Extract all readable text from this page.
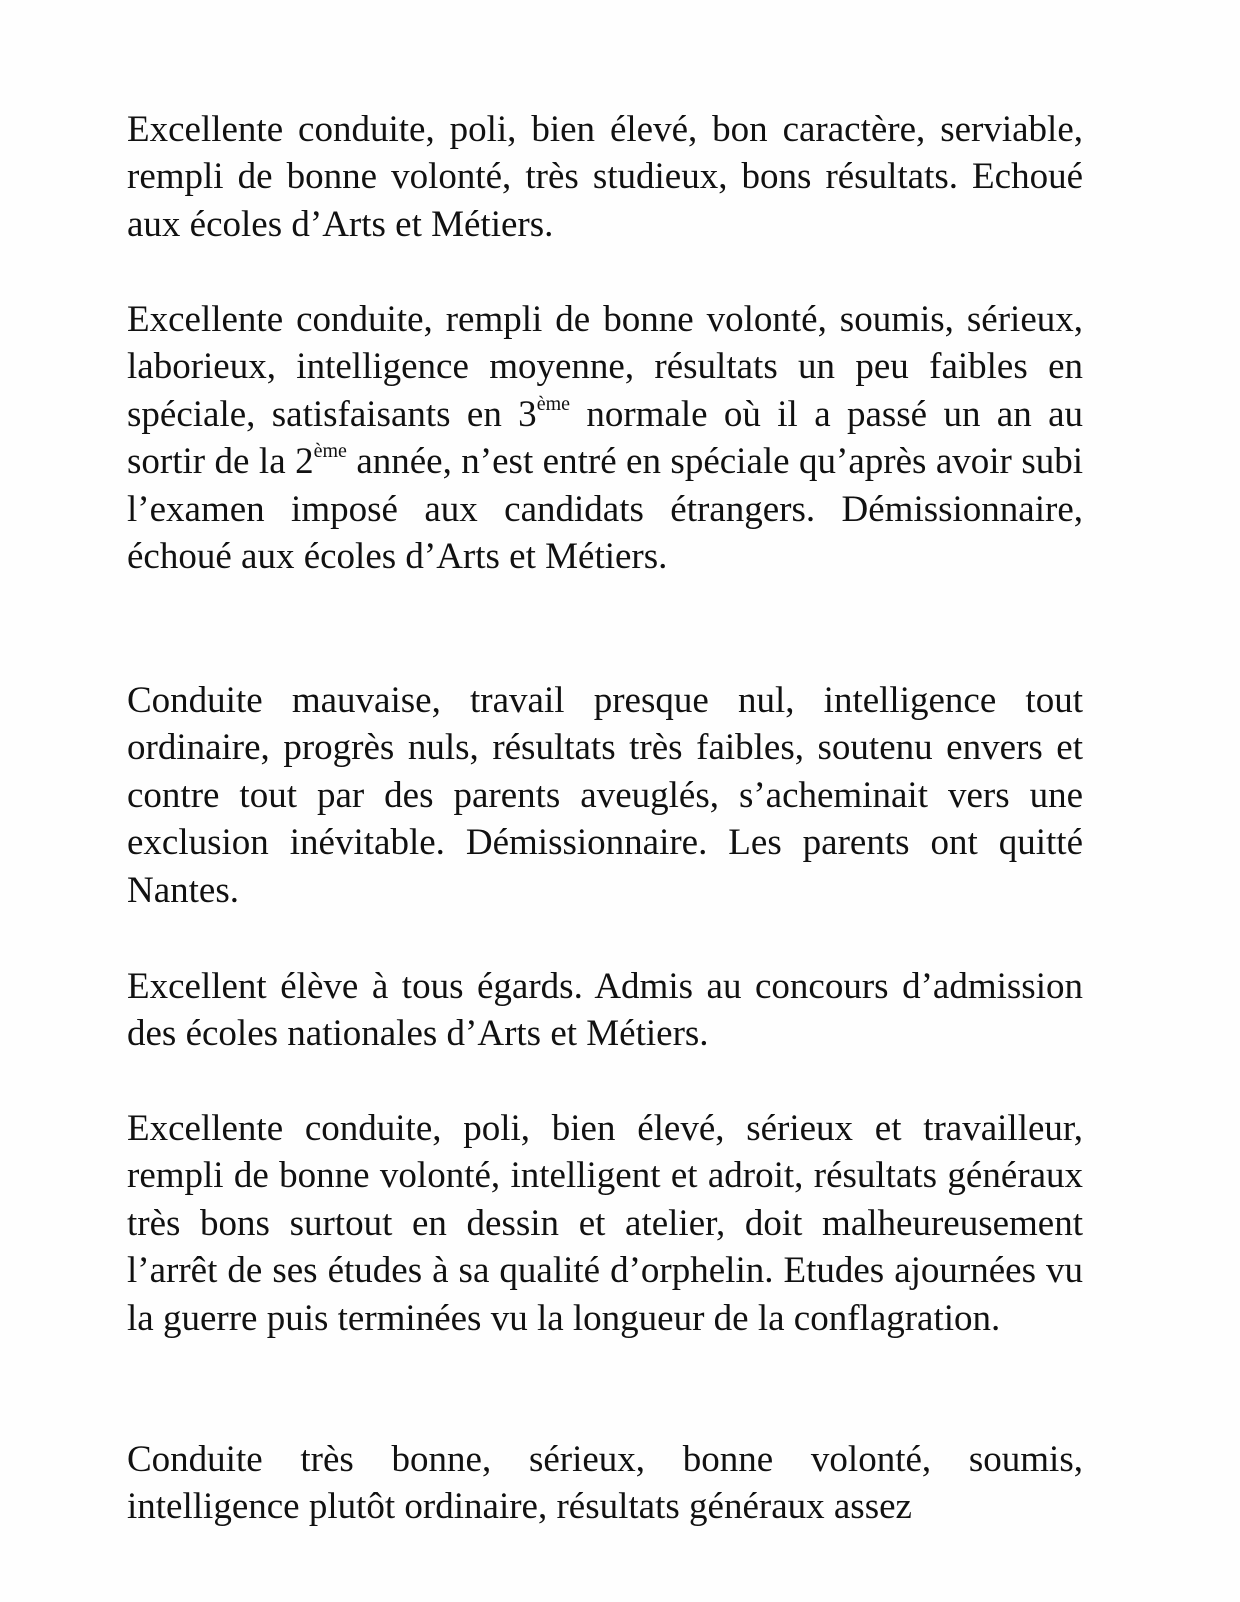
Excellente conduite, poli, bien élevé, bon caractère, serviable, rempli de bonne volonté, très studieux, bons résultats. Echoué aux écoles d’Arts et Métiers.

Excellente conduite, rempli de bonne volonté, soumis, sérieux, laborieux, intelligence moyenne, résultats un peu faibles en spéciale, satisfaisants en 3ème normale où il a passé un an au sortir de la 2ème année, n’est entré en spéciale qu’après avoir subi l’examen imposé aux candidats étrangers. Démissionnaire, échoué aux écoles d’Arts et Métiers.

Conduite mauvaise, travail presque nul, intelligence tout ordinaire, progrès nuls, résultats très faibles, soutenu envers et contre tout par des parents aveuglés, s’acheminait vers une exclusion inévitable. Démissionnaire. Les parents ont quitté Nantes.

Excellent élève à tous égards. Admis au concours d’admission des écoles nationales d’Arts et Métiers.

Excellente conduite, poli, bien élevé, sérieux et travailleur, rempli de bonne volonté, intelligent et adroit, résultats généraux très bons surtout en dessin et atelier, doit malheureusement l’arrêt de ses études à sa qualité d’orphelin. Etudes ajournées vu la guerre puis terminées vu la longueur de la conflagration.

Conduite très bonne, sérieux, bonne volonté, soumis, intelligence plutôt ordinaire, résultats généraux assez
